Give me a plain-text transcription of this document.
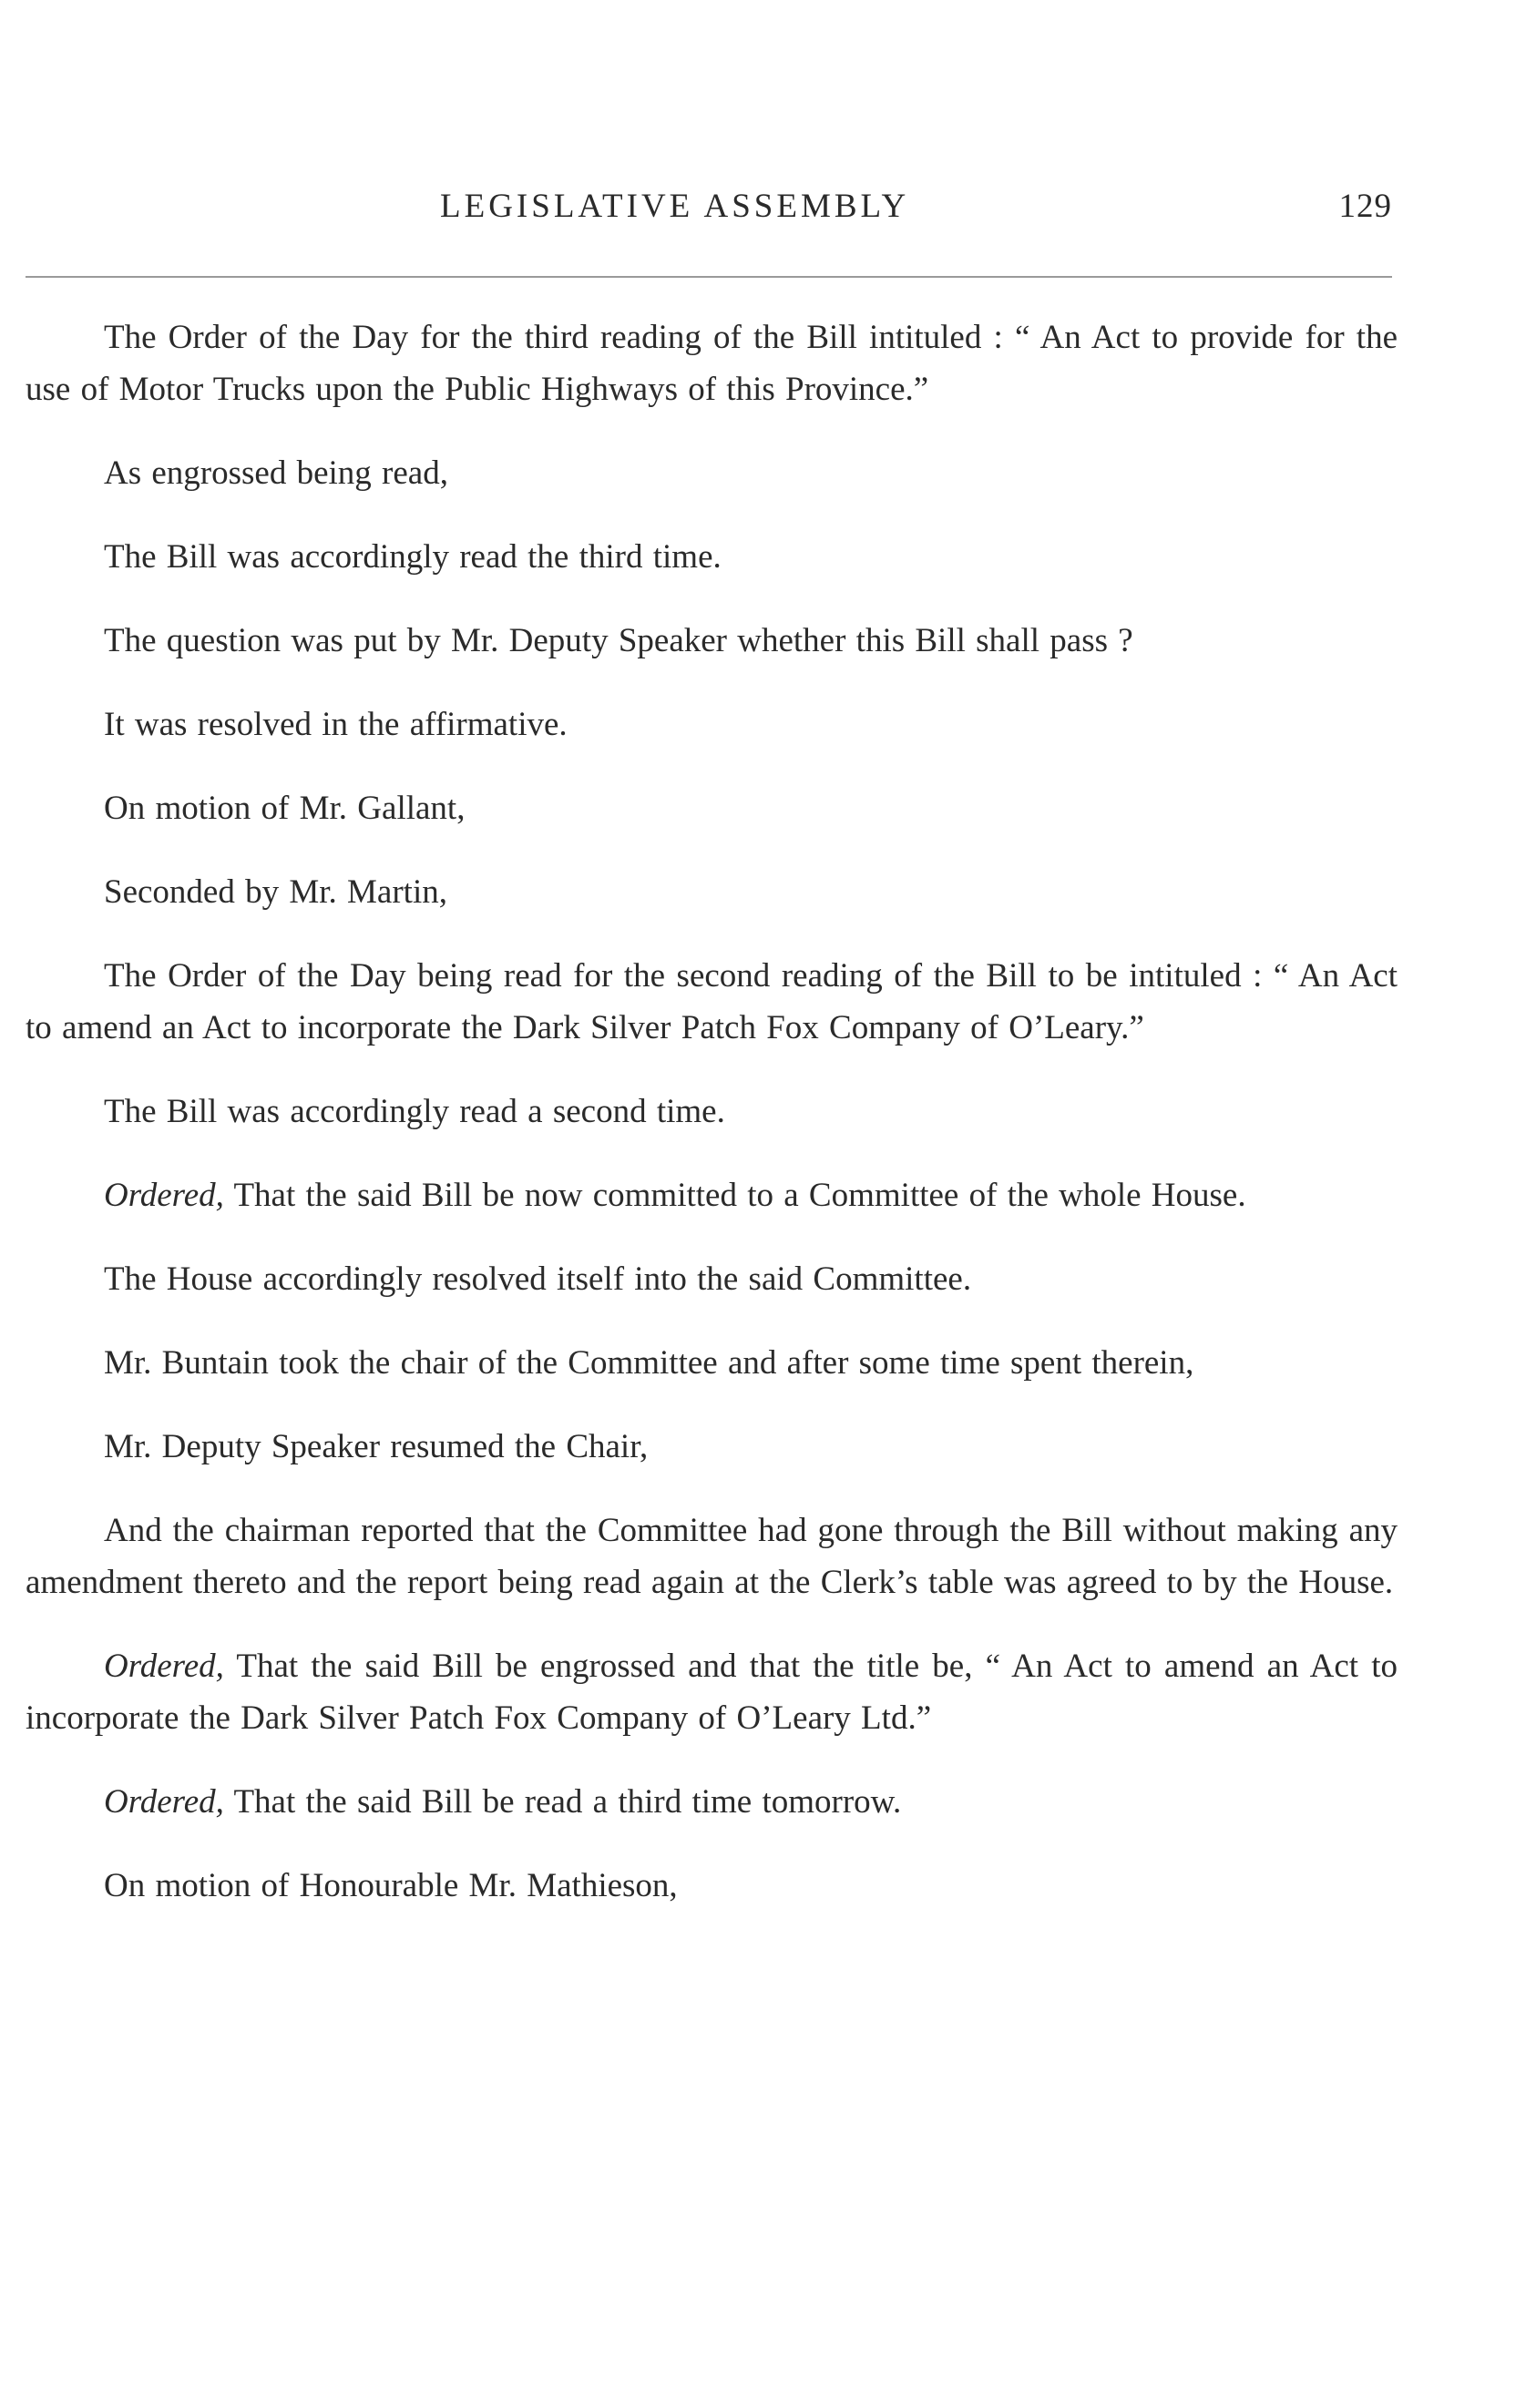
LEGISLATIVE ASSEMBLY	129

The Order of the Day for the third reading of the Bill intituled : “ An Act to provide for the use of Motor Trucks upon the Public Highways of this Province.”

As engrossed being read,

The Bill was accordingly read the third time.

The question was put by Mr. Deputy Speaker whether this Bill shall pass ?

It was resolved in the affirmative.

On motion of Mr. Gallant,

Seconded by Mr. Martin,

The Order of the Day being read for the second reading of the Bill to be intituled : “ An Act to amend an Act to incorporate the Dark Silver Patch Fox Company of O’Leary.”

The Bill was accordingly read a second time.

Ordered, That the said Bill be now committed to a Committee of the whole House.

The House accordingly resolved itself into the said Committee.

Mr. Buntain took the chair of the Committee and after some time spent therein,

Mr. Deputy Speaker resumed the Chair,

And the chairman reported that the Committee had gone through the Bill without making any amendment thereto and the report being read again at the Clerk’s table was agreed to by the House.

Ordered, That the said Bill be engrossed and that the title be, “ An Act to amend an Act to incorporate the Dark Silver Patch Fox Company of O’Leary Ltd.”

Ordered, That the said Bill be read a third time tomorrow.

On motion of Honourable Mr. Mathieson,
